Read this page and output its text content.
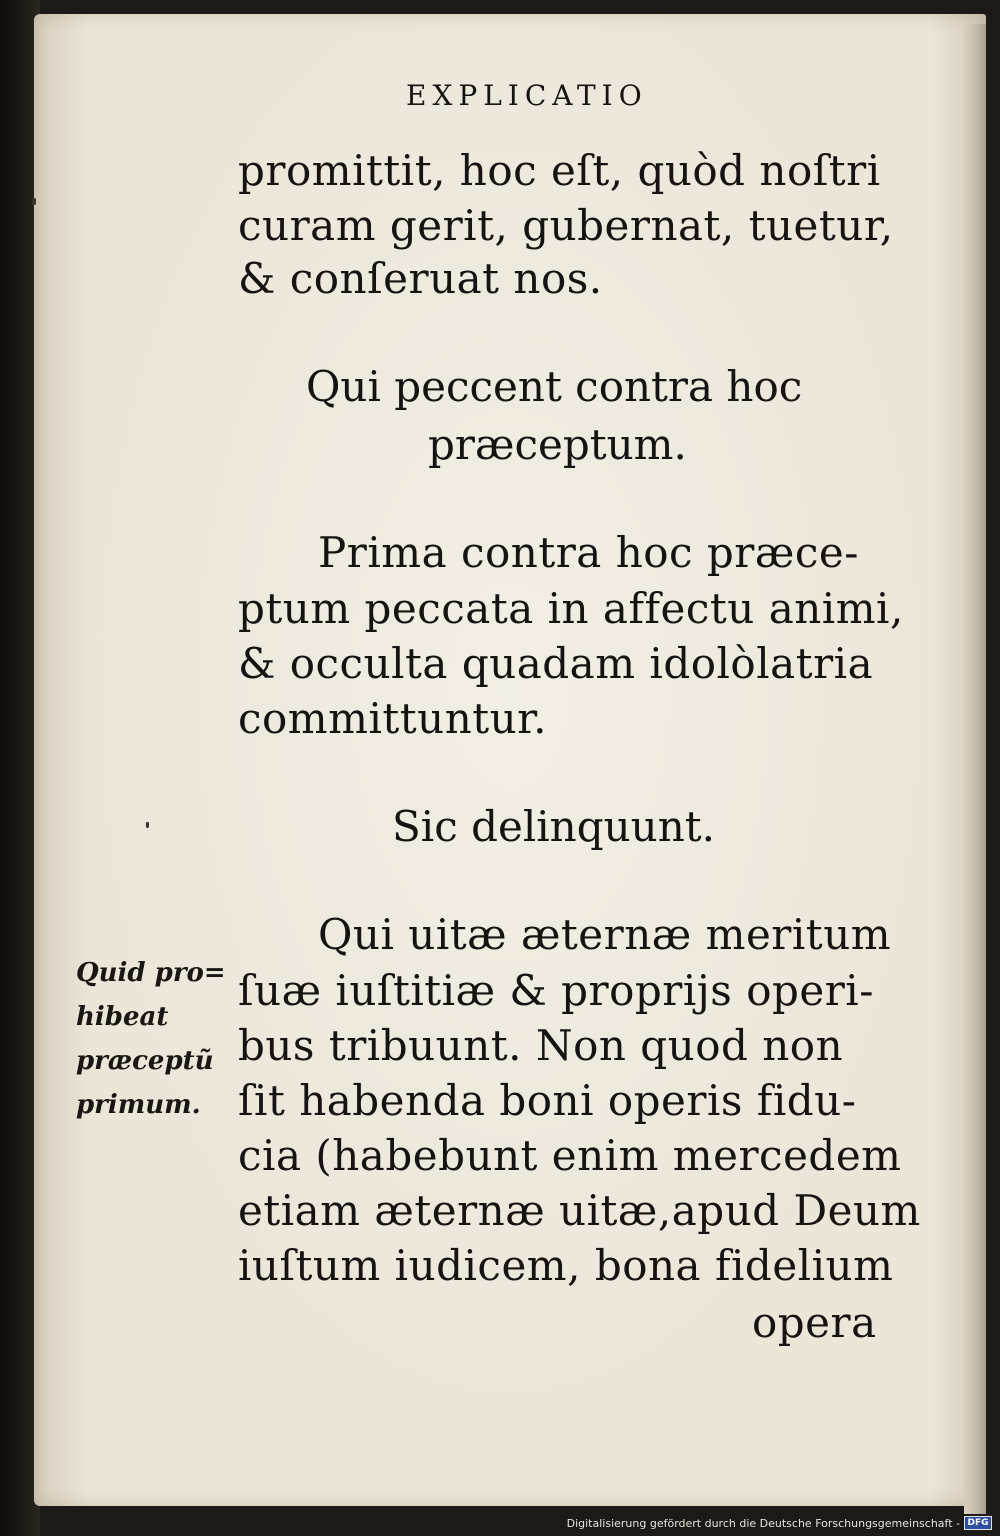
EXPLICATIO
promittit, hoc eſt, quòd noſtri
curam gerit, gubernat, tuetur,
& conſeruat nos.
Qui peccent contra hoc
præceptum.
Prima contra hoc præce-
ptum peccata in affectu animi,
& occulta quadam idolòlatria
committuntur.
Sic delinquunt.
Qui uitæ æternæ meritum
ſuæ iuſtitiæ & proprijs operi-
bus tribuunt. Non quod non
ſit habenda boni operis fidu-
cia (habebunt enim mercedem
etiam æternæ uitæ,apud Deum
iuſtum iudicem, bona fidelium
opera
Quid pro=
hibeat
præceptũ
primum.
Digitalisierung gefördert durch die Deutsche Forschungsgemeinschaft - DFG
